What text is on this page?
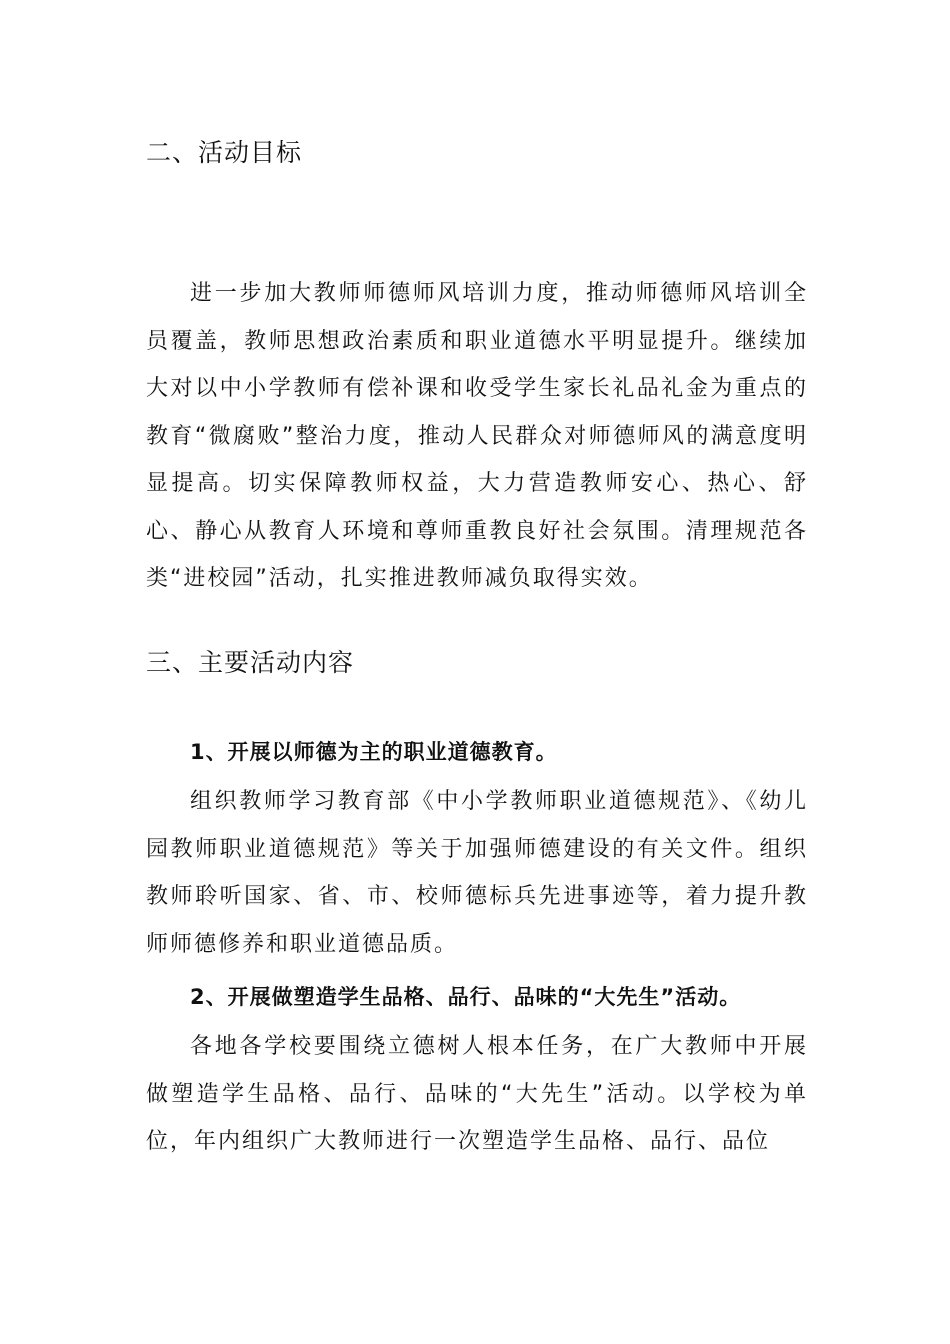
二、活动目标

进一步加大教师师德师风培训力度，推动师德师风培训全员覆盖，教师思想政治素质和职业道德水平明显提升。继续加大对以中小学教师有偿补课和收受学生家长礼品礼金为重点的教育“微腐败”整治力度，推动人民群众对师德师风的满意度明显提高。切实保障教师权益，大力营造教师安心、热心、舒心、静心从教育人环境和尊师重教良好社会氛围。清理规范各类“进校园”活动，扎实推进教师减负取得实效。

三、主要活动内容
1、开展以师德为主的职业道德教育。

组织教师学习教育部《中小学教师职业道德规范》、《幼儿园教师职业道德规范》等关于加强师德建设的有关文件。组织教师聆听国家、省、市、校师德标兵先进事迹等，着力提升教师师德修养和职业道德品质。

2、开展做塑造学生品格、品行、品味的“大先生”活动。

各地各学校要围绕立德树人根本任务，在广大教师中开展做塑造学生品格、品行、品味的“大先生”活动。以学校为单位，年内组织广大教师进行一次塑造学生品格、品行、品位
